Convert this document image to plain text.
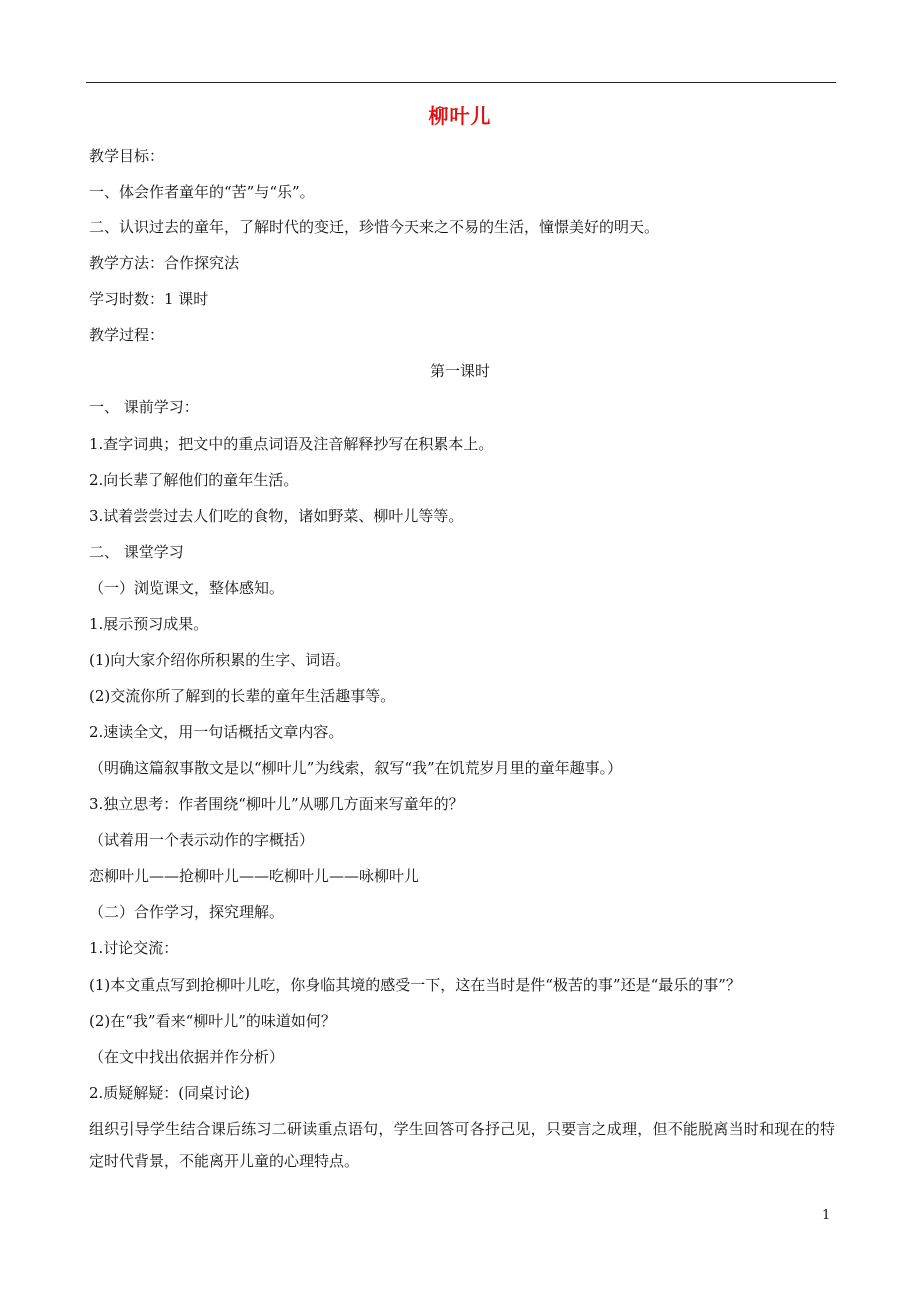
柳叶儿
教学目标：
一、体会作者童年的“苦”与“乐”。
二、认识过去的童年，了解时代的变迁，珍惜今天来之不易的生活，憧憬美好的明天。
教学方法：合作探究法
学习时数：1 课时
教学过程：
第一课时
一、 课前学习：
1.查字词典；把文中的重点词语及注音解释抄写在积累本上。
2.向长辈了解他们的童年生活。
3.试着尝尝过去人们吃的食物，诸如野菜、柳叶儿等等。
二、 课堂学习
（一）浏览课文，整体感知。
1.展示预习成果。
(1)向大家介绍你所积累的生字、词语。
(2)交流你所了解到的长辈的童年生活趣事等。
2.速读全文，用一句话概括文章内容。
（明确这篇叙事散文是以“柳叶儿”为线索，叙写“我”在饥荒岁月里的童年趣事。）
3.独立思考：作者围绕“柳叶儿”从哪几方面来写童年的？
（试着用一个表示动作的字概括）
恋柳叶儿——抢柳叶儿——吃柳叶儿——咏柳叶儿
（二）合作学习，探究理解。
1.讨论交流：
(1)本文重点写到抢柳叶儿吃，你身临其境的感受一下，这在当时是件“极苦的事”还是“最乐的事”？
(2)在“我”看来“柳叶儿”的味道如何？
（在文中找出依据并作分析）
2.质疑解疑：(同桌讨论)
组织引导学生结合课后练习二研读重点语句，学生回答可各抒己见，只要言之成理，但不能脱离当时和现在的特定时代背景，不能离开儿童的心理特点。
1
